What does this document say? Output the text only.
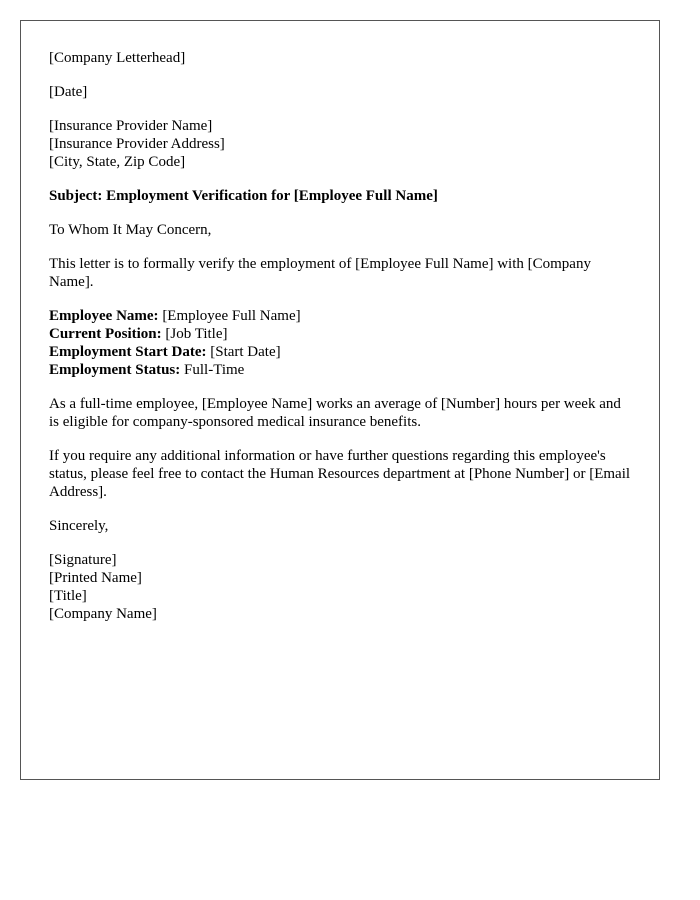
[Company Letterhead]
[Date]
[Insurance Provider Name]
[Insurance Provider Address]
[City, State, Zip Code]

Subject: Employment Verification for [Employee Full Name]

To Whom It May Concern,

This letter is to formally verify the employment of [Employee Full Name] with [Company Name].

Employee Name: [Employee Full Name]
Current Position: [Job Title]
Employment Start Date: [Start Date]
Employment Status: Full-Time

As a full-time employee, [Employee Name] works an average of [Number] hours per week and is eligible for company-sponsored medical insurance benefits.

If you require any additional information or have further questions regarding this employee's status, please feel free to contact the Human Resources department at [Phone Number] or [Email Address].

Sincerely,

[Signature]
[Printed Name]
[Title]
[Company Name]
